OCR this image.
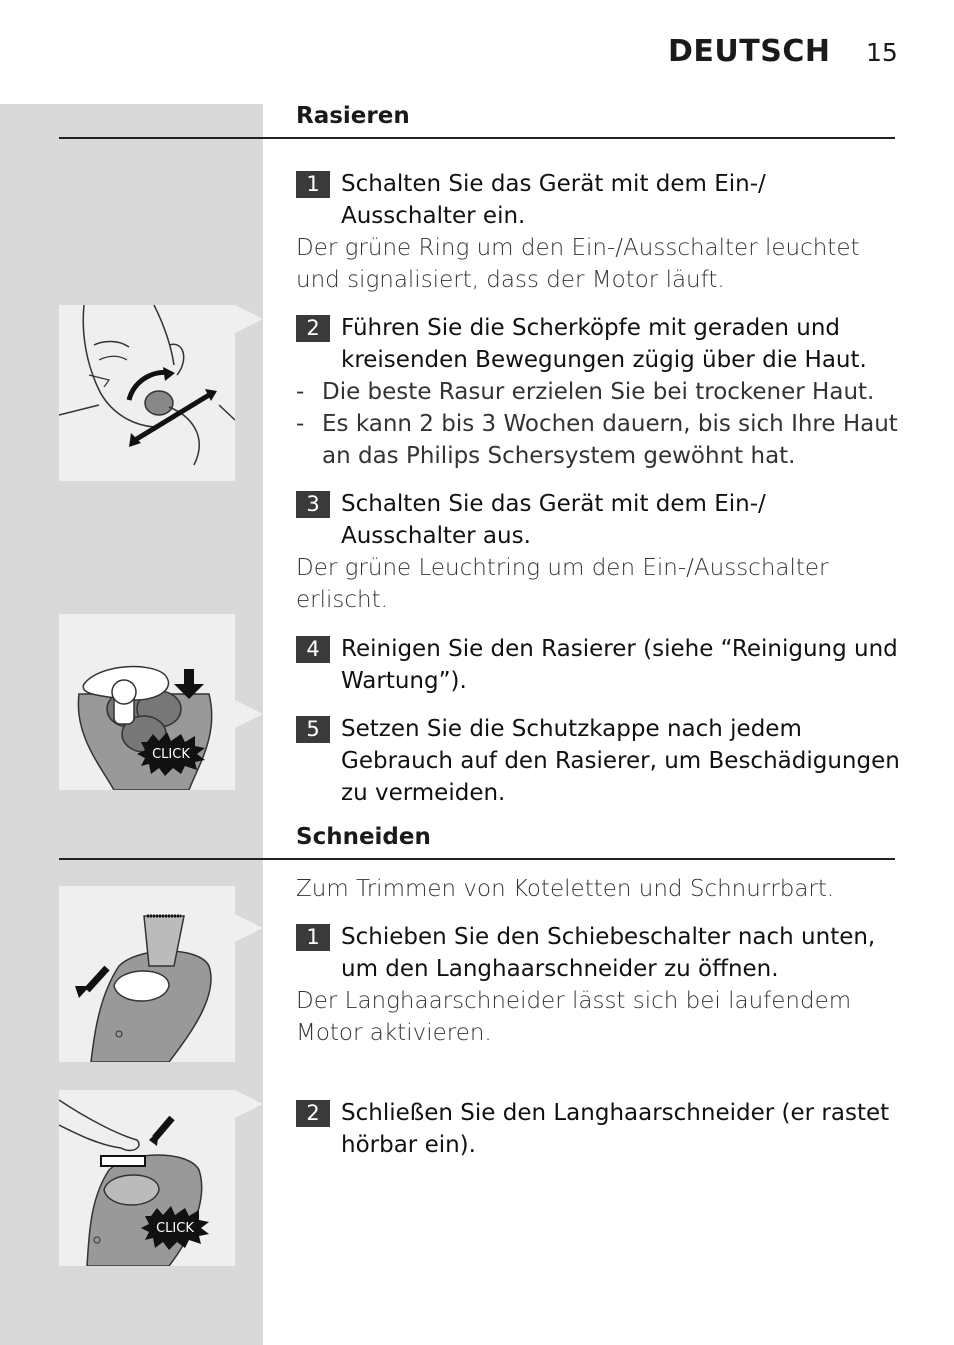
DEUTSCH 15
Rasieren
1 Schalten Sie das Gerät mit dem Ein-/ Ausschalter ein.
Der grüne Ring um den Ein-/Ausschalter leuchtet und signalisiert, dass der Motor läuft.
2 Führen Sie die Scherköpfe mit geraden und kreisenden Bewegungen zügig über die Haut.
- Die beste Rasur erzielen Sie bei trockener Haut.
- Es kann 2 bis 3 Wochen dauern, bis sich Ihre Haut an das Philips Schersystem gewöhnt hat.
3 Schalten Sie das Gerät mit dem Ein-/ Ausschalter aus.
Der grüne Leuchtring um den Ein-/Ausschalter erlischt.
4 Reinigen Sie den Rasierer (siehe “Reinigung und Wartung”).
5 Setzen Sie die Schutzkappe nach jedem Gebrauch auf den Rasierer, um Beschädigungen zu vermeiden.
Schneiden
Zum Trimmen von Koteletten und Schnurrbart.
1 Schieben Sie den Schiebeschalter nach unten, um den Langhaarschneider zu öffnen.
Der Langhaarschneider lässt sich bei laufendem Motor aktivieren.
2 Schließen Sie den Langhaarschneider (er rastet hörbar ein).
CLICK
CLICK
